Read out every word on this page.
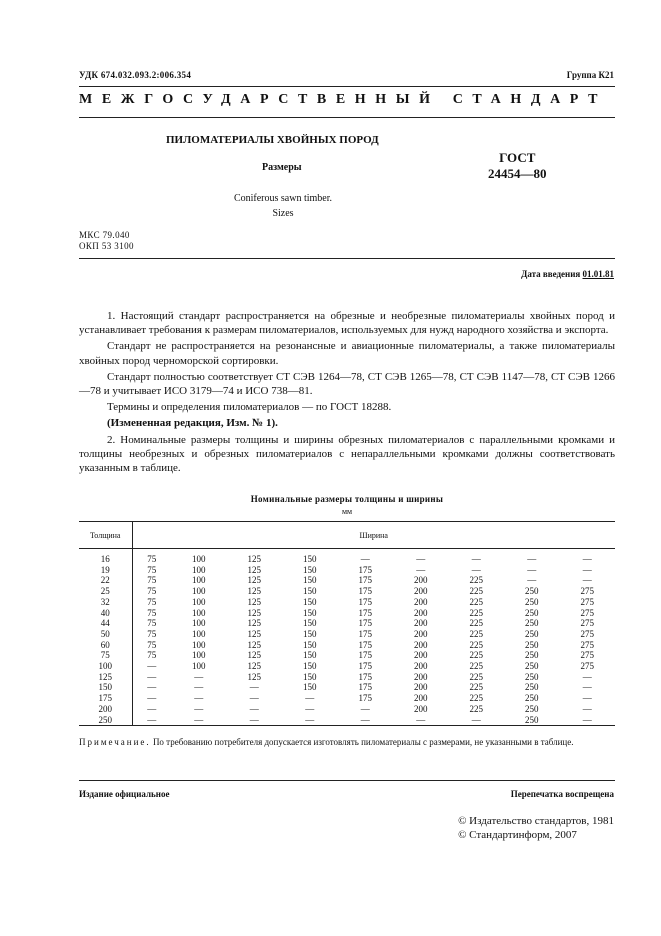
УДК 674.032.093.2:006.354	Группа К21
МЕЖГОСУДАРСТВЕННЫЙ СТАНДАРТ
ПИЛОМАТЕРИАЛЫ ХВОЙНЫХ ПОРОД
Размеры
ГОСТ
24454—80
Coniferous sawn timber.
Sizes
МКС 79.040
ОКП 53 3100
Дата введения 01.01.81

1. Настоящий стандарт распространяется на обрезные и необрезные пиломатериалы хвойных пород и устанавливает требования к размерам пиломатериалов, используемых для нужд народного хозяйства и экспорта.

Стандарт не распространяется на резонансные и авиационные пиломатериалы, а также пиломатериалы хвойных пород черноморской сортировки.

Стандарт полностью соответствует СТ СЭВ 1264—78, СТ СЭВ 1265—78, СТ СЭВ 1147—78, СТ СЭВ 1266—78 и учитывает ИСО 3179—74 и ИСО 738—81.

Термины и определения пиломатериалов — по ГОСТ 18288.

(Измененная редакция, Изм. № 1).

2. Номинальные размеры толщины и ширины обрезных пиломатериалов с параллельными кромками и толщины необрезных и обрезных пиломатериалов с непараллельными кромками должны соответствовать указанным в таблице.

Номинальные размеры толщины и ширины
мм
Толщина	Ширина								
16	75	100	125	150	—	—	—	—	—
19	75	100	125	150	175	—	—	—	—
22	75	100	125	150	175	200	225	—	—
25	75	100	125	150	175	200	225	250	275
32	75	100	125	150	175	200	225	250	275
40	75	100	125	150	175	200	225	250	275
44	75	100	125	150	175	200	225	250	275
50	75	100	125	150	175	200	225	250	275
60	75	100	125	150	175	200	225	250	275
75	75	100	125	150	175	200	225	250	275
100	—	100	125	150	175	200	225	250	275
125	—	—	125	150	175	200	225	250	—
150	—	—	—	150	175	200	225	250	—
175	—	—	—	—	175	200	225	250	—
200	—	—	—	—	—	200	225	250	—
250	—	—	—	—	—	—	—	250	—
Примечание. По требованию потребителя допускается изготовлять пиломатериалы с размерами, не указанными в таблице.
Издание официальное	Перепечатка воспрещена
© Издательство стандартов, 1981
© Стандартинформ, 2007
